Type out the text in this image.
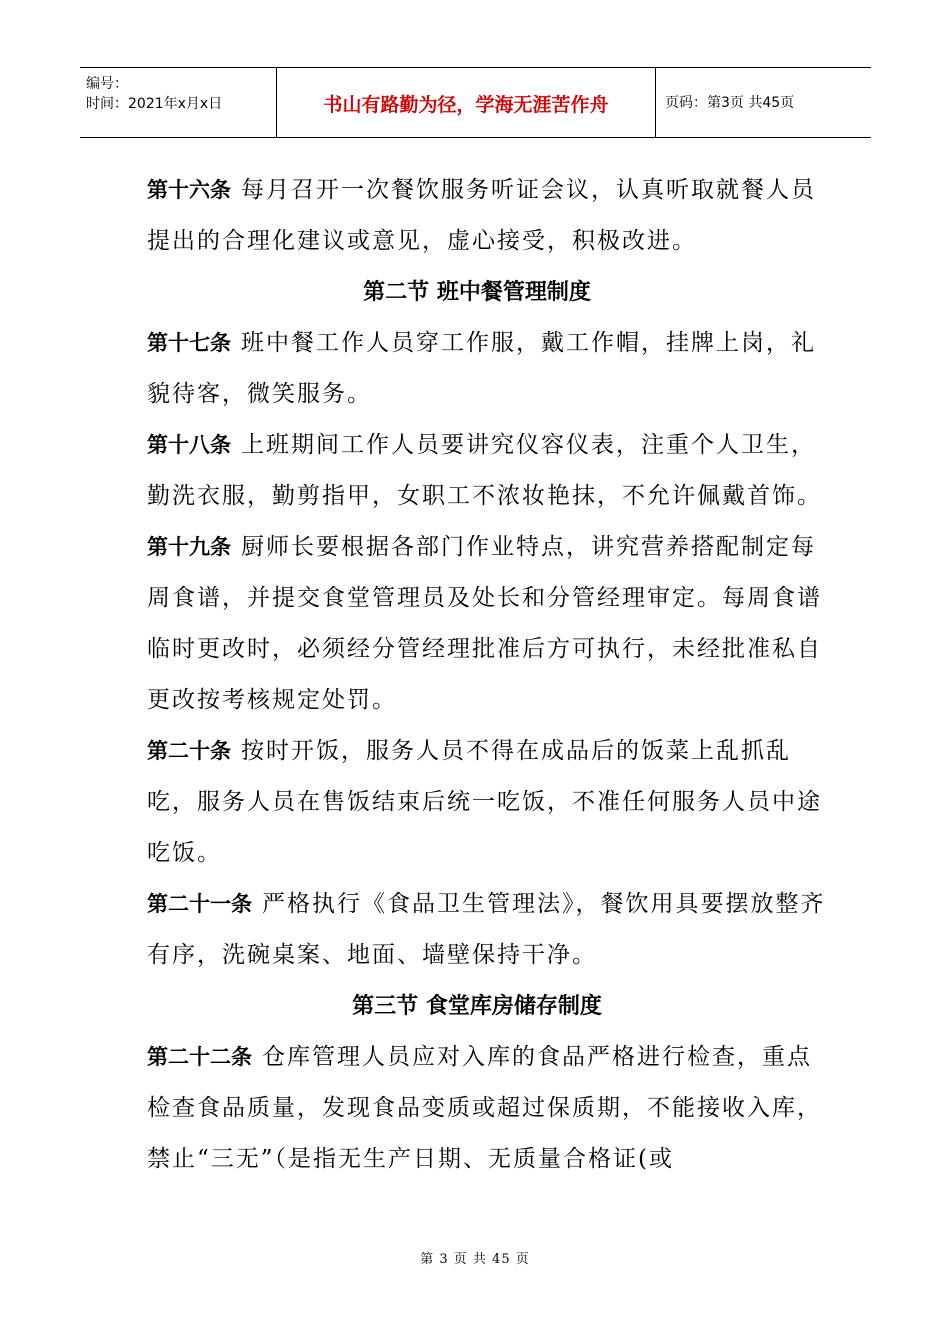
编号：
时间：2021年x月x日	书山有路勤为径，学海无涯苦作舟	页码：第3页 共45页

第十六条 每月召开一次餐饮服务听证会议，认真听取就餐人员提出的合理化建议或意见，虚心接受，积极改进。

第二节 班中餐管理制度

第十七条 班中餐工作人员穿工作服，戴工作帽，挂牌上岗，礼貌待客，微笑服务。

第十八条 上班期间工作人员要讲究仪容仪表，注重个人卫生，勤洗衣服，勤剪指甲，女职工不浓妆艳抹，不允许佩戴首饰。

第十九条 厨师长要根据各部门作业特点，讲究营养搭配制定每周食谱，并提交食堂管理员及处长和分管经理审定。每周食谱临时更改时，必须经分管经理批准后方可执行，未经批准私自更改按考核规定处罚。

第二十条 按时开饭，服务人员不得在成品后的饭菜上乱抓乱吃，服务人员在售饭结束后统一吃饭，不准任何服务人员中途吃饭。

第二十一条 严格执行《食品卫生管理法》，餐饮用具要摆放整齐有序，洗碗桌案、地面、墙壁保持干净。

第三节 食堂库房储存制度

第二十二条 仓库管理人员应对入库的食品严格进行检查，重点检查食品质量，发现食品变质或超过保质期，不能接收入库，禁止“三无”（是指无生产日期、无质量合格证(或

第 3 页 共 45 页
